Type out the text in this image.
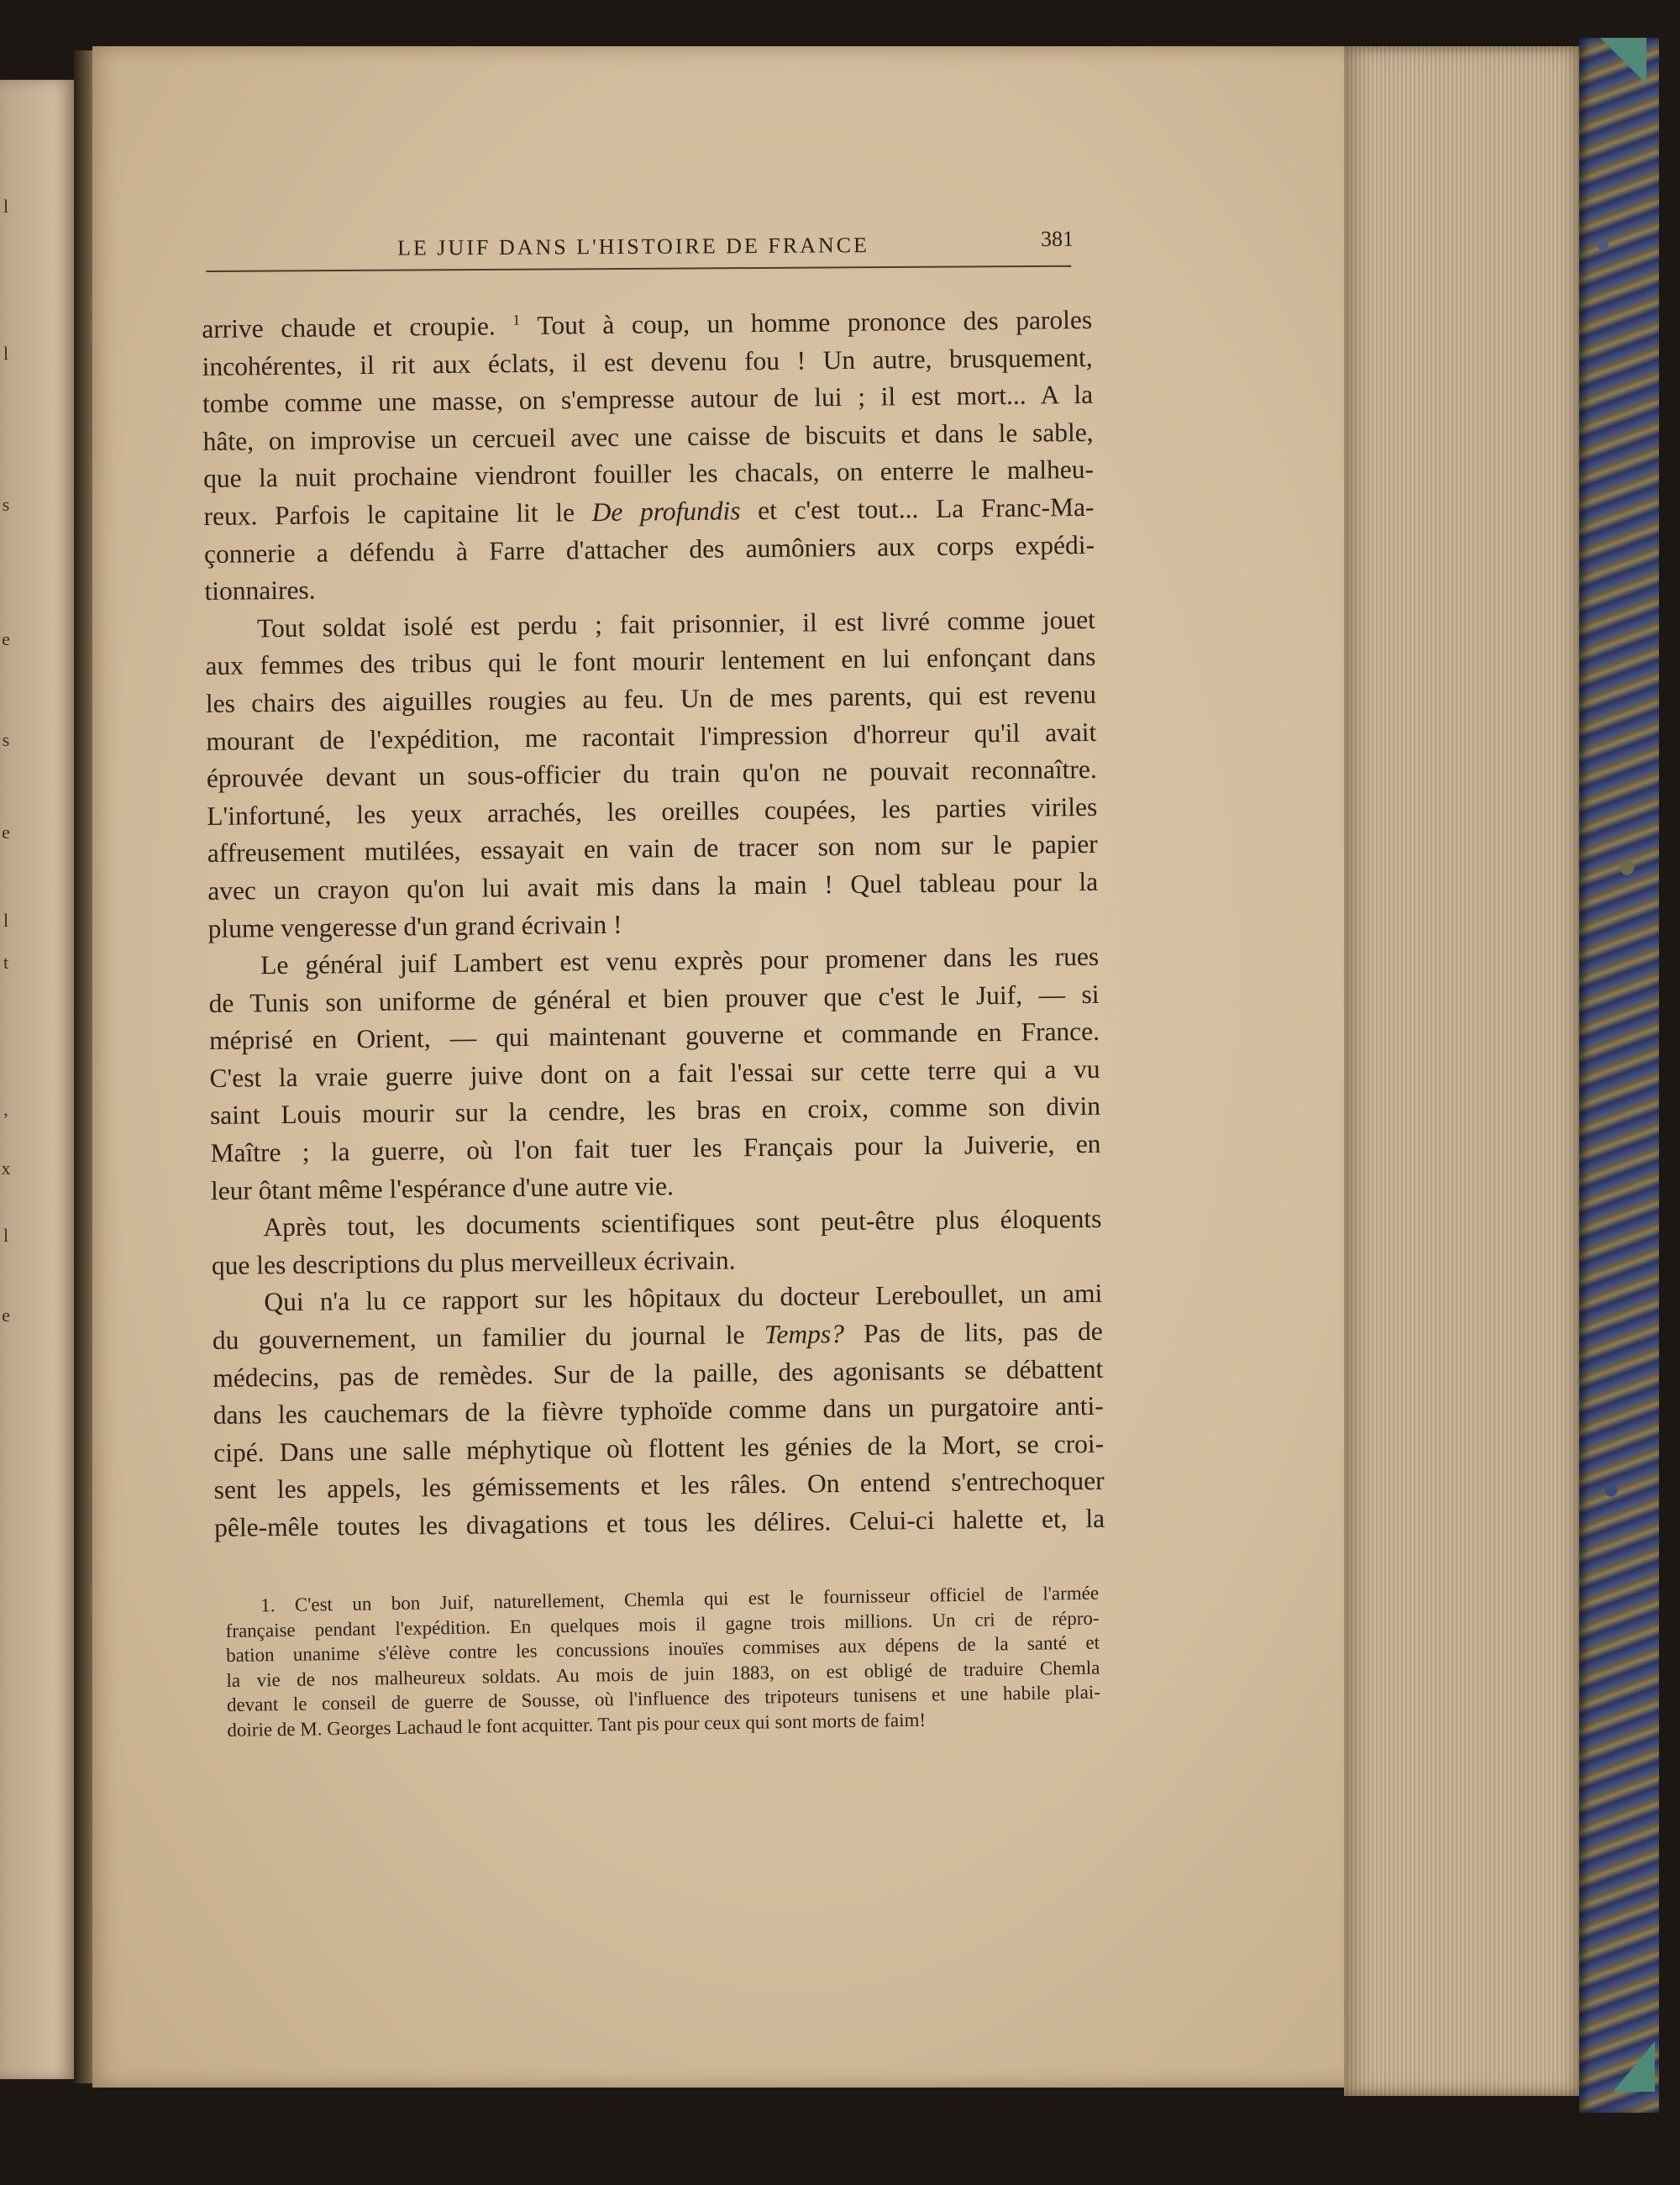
l
l
s
e
s
e
l
t
,
x
l
e
LE JUIF DANS L'HISTOIRE DE FRANCE	381
arrive chaude et croupie. $^1$ Tout à coup, un homme prononce des paroles
incohérentes, il rit aux éclats, il est devenu fou ! Un autre, brusquement,
tombe comme une masse, on s'empresse autour de lui ; il est mort... A la
hâte, on improvise un cercueil avec une caisse de biscuits et dans le sable,
que la nuit prochaine viendront fouiller les chacals, on enterre le malheu-
reux. Parfois le capitaine lit le De profundis et c'est tout... La Franc-Ma-
çonnerie a défendu à Farre d'attacher des aumôniers aux corps expédi-
tionnaires.
Tout soldat isolé est perdu ; fait prisonnier, il est livré comme jouet
aux femmes des tribus qui le font mourir lentement en lui enfonçant dans
les chairs des aiguilles rougies au feu. Un de mes parents, qui est revenu
mourant de l'expédition, me racontait l'impression d'horreur qu'il avait
éprouvée devant un sous-officier du train qu'on ne pouvait reconnaître.
L'infortuné, les yeux arrachés, les oreilles coupées, les parties viriles
affreusement mutilées, essayait en vain de tracer son nom sur le papier
avec un crayon qu'on lui avait mis dans la main ! Quel tableau pour la
plume vengeresse d'un grand écrivain !
Le général juif Lambert est venu exprès pour promener dans les rues
de Tunis son uniforme de général et bien prouver que c'est le Juif, — si
méprisé en Orient, — qui maintenant gouverne et commande en France.
C'est la vraie guerre juive dont on a fait l'essai sur cette terre qui a vu
saint Louis mourir sur la cendre, les bras en croix, comme son divin
Maître ; la guerre, où l'on fait tuer les Français pour la Juiverie, en
leur ôtant même l'espérance d'une autre vie.
Après tout, les documents scientifiques sont peut-être plus éloquents
que les descriptions du plus merveilleux écrivain.
Qui n'a lu ce rapport sur les hôpitaux du docteur Lereboullet, un ami
du gouvernement, un familier du journal le Temps? Pas de lits, pas de
médecins, pas de remèdes. Sur de la paille, des agonisants se débattent
dans les cauchemars de la fièvre typhoïde comme dans un purgatoire anti-
cipé. Dans une salle méphytique où flottent les génies de la Mort, se croi-
sent les appels, les gémissements et les râles. On entend s'entrechoquer
pêle-mêle toutes les divagations et tous les délires. Celui-ci halette et, la
1. C'est un bon Juif, naturellement, Chemla qui est le fournisseur officiel de l'armée
française pendant l'expédition. En quelques mois il gagne trois millions. Un cri de répro-
bation unanime s'élève contre les concussions inouïes commises aux dépens de la santé et
la vie de nos malheureux soldats. Au mois de juin 1883, on est obligé de traduire Chemla
devant le conseil de guerre de Sousse, où l'influence des tripoteurs tunisens et une habile plai-
doirie de M. Georges Lachaud le font acquitter. Tant pis pour ceux qui sont morts de faim!
